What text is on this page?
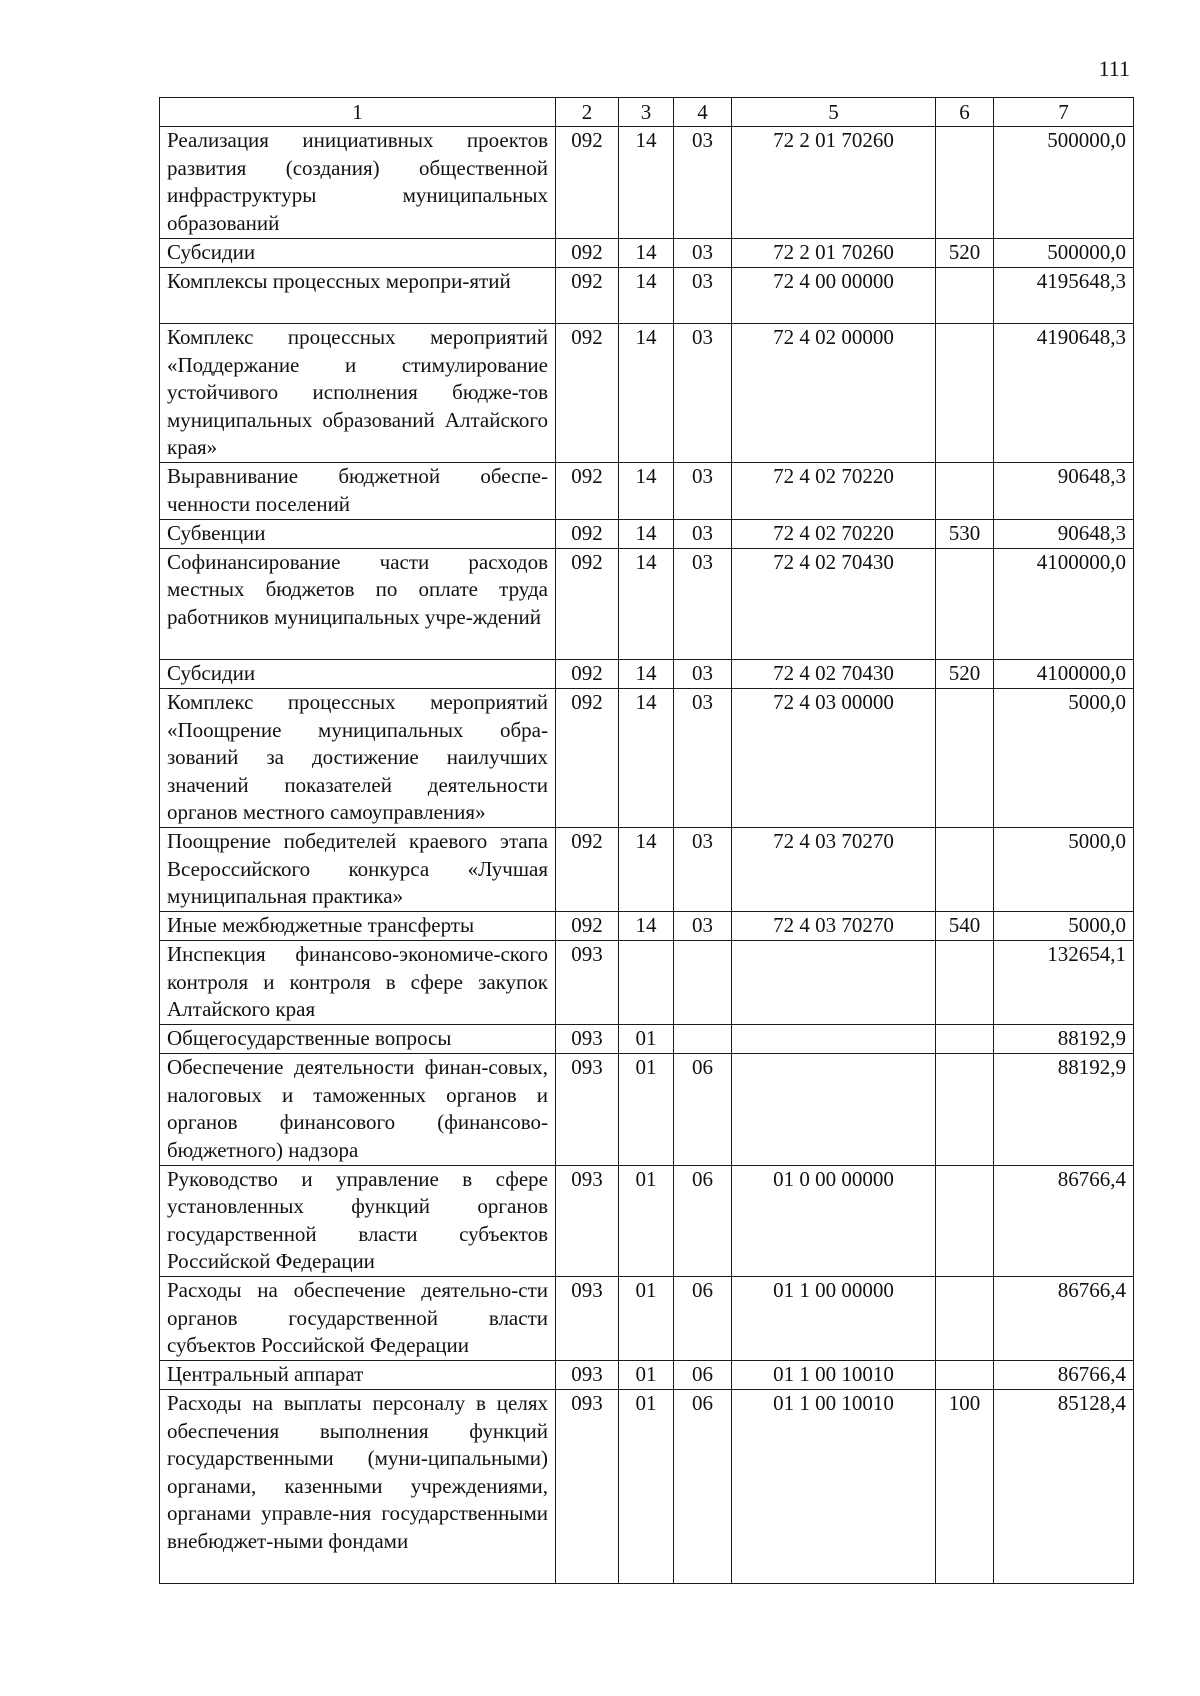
111
1	2	3	4	5	6	7
Реализация инициативных проектов развития (создания) общественной инфраструктуры муниципальных образований	092	14	03	72 2 01 70260		500000,0
Субсидии	092	14	03	72 2 01 70260	520	500000,0
Комплексы процессных меропри-ятий	092	14	03	72 4 00 00000		4195648,3
Комплекс процессных мероприятий «Поддержание и стимулирование устойчивого исполнения бюдже-тов муниципальных образований Алтайского края»	092	14	03	72 4 02 00000		4190648,3
Выравнивание бюджетной обеспе-ченности поселений	092	14	03	72 4 02 70220		90648,3
Субвенции	092	14	03	72 4 02 70220	530	90648,3
Софинансирование части расходов местных бюджетов по оплате труда работников муниципальных учре-ждений	092	14	03	72 4 02 70430		4100000,0
Субсидии	092	14	03	72 4 02 70430	520	4100000,0
Комплекс процессных мероприятий «Поощрение муниципальных обра-зований за достижение наилучших значений показателей деятельности органов местного самоуправления»	092	14	03	72 4 03 00000		5000,0
Поощрение победителей краевого этапа Всероссийского конкурса «Лучшая муниципальная практика»	092	14	03	72 4 03 70270		5000,0
Иные межбюджетные трансферты	092	14	03	72 4 03 70270	540	5000,0
Инспекция финансово-экономиче-ского контроля и контроля в сфере закупок Алтайского края	093					132654,1
Общегосударственные вопросы	093	01				88192,9
Обеспечение деятельности финан-совых, налоговых и таможенных органов и органов финансового (финансово-бюджетного) надзора	093	01	06			88192,9
Руководство и управление в сфере установленных функций органов государственной власти субъектов Российской Федерации	093	01	06	01 0 00 00000		86766,4
Расходы на обеспечение деятельно-сти органов государственной власти субъектов Российской Федерации	093	01	06	01 1 00 00000		86766,4
Центральный аппарат	093	01	06	01 1 00 10010		86766,4
Расходы на выплаты персоналу в целях обеспечения выполнения функций государственными (муни-ципальными) органами, казенными учреждениями, органами управле-ния государственными внебюджет-ными фондами	093	01	06	01 1 00 10010	100	85128,4
